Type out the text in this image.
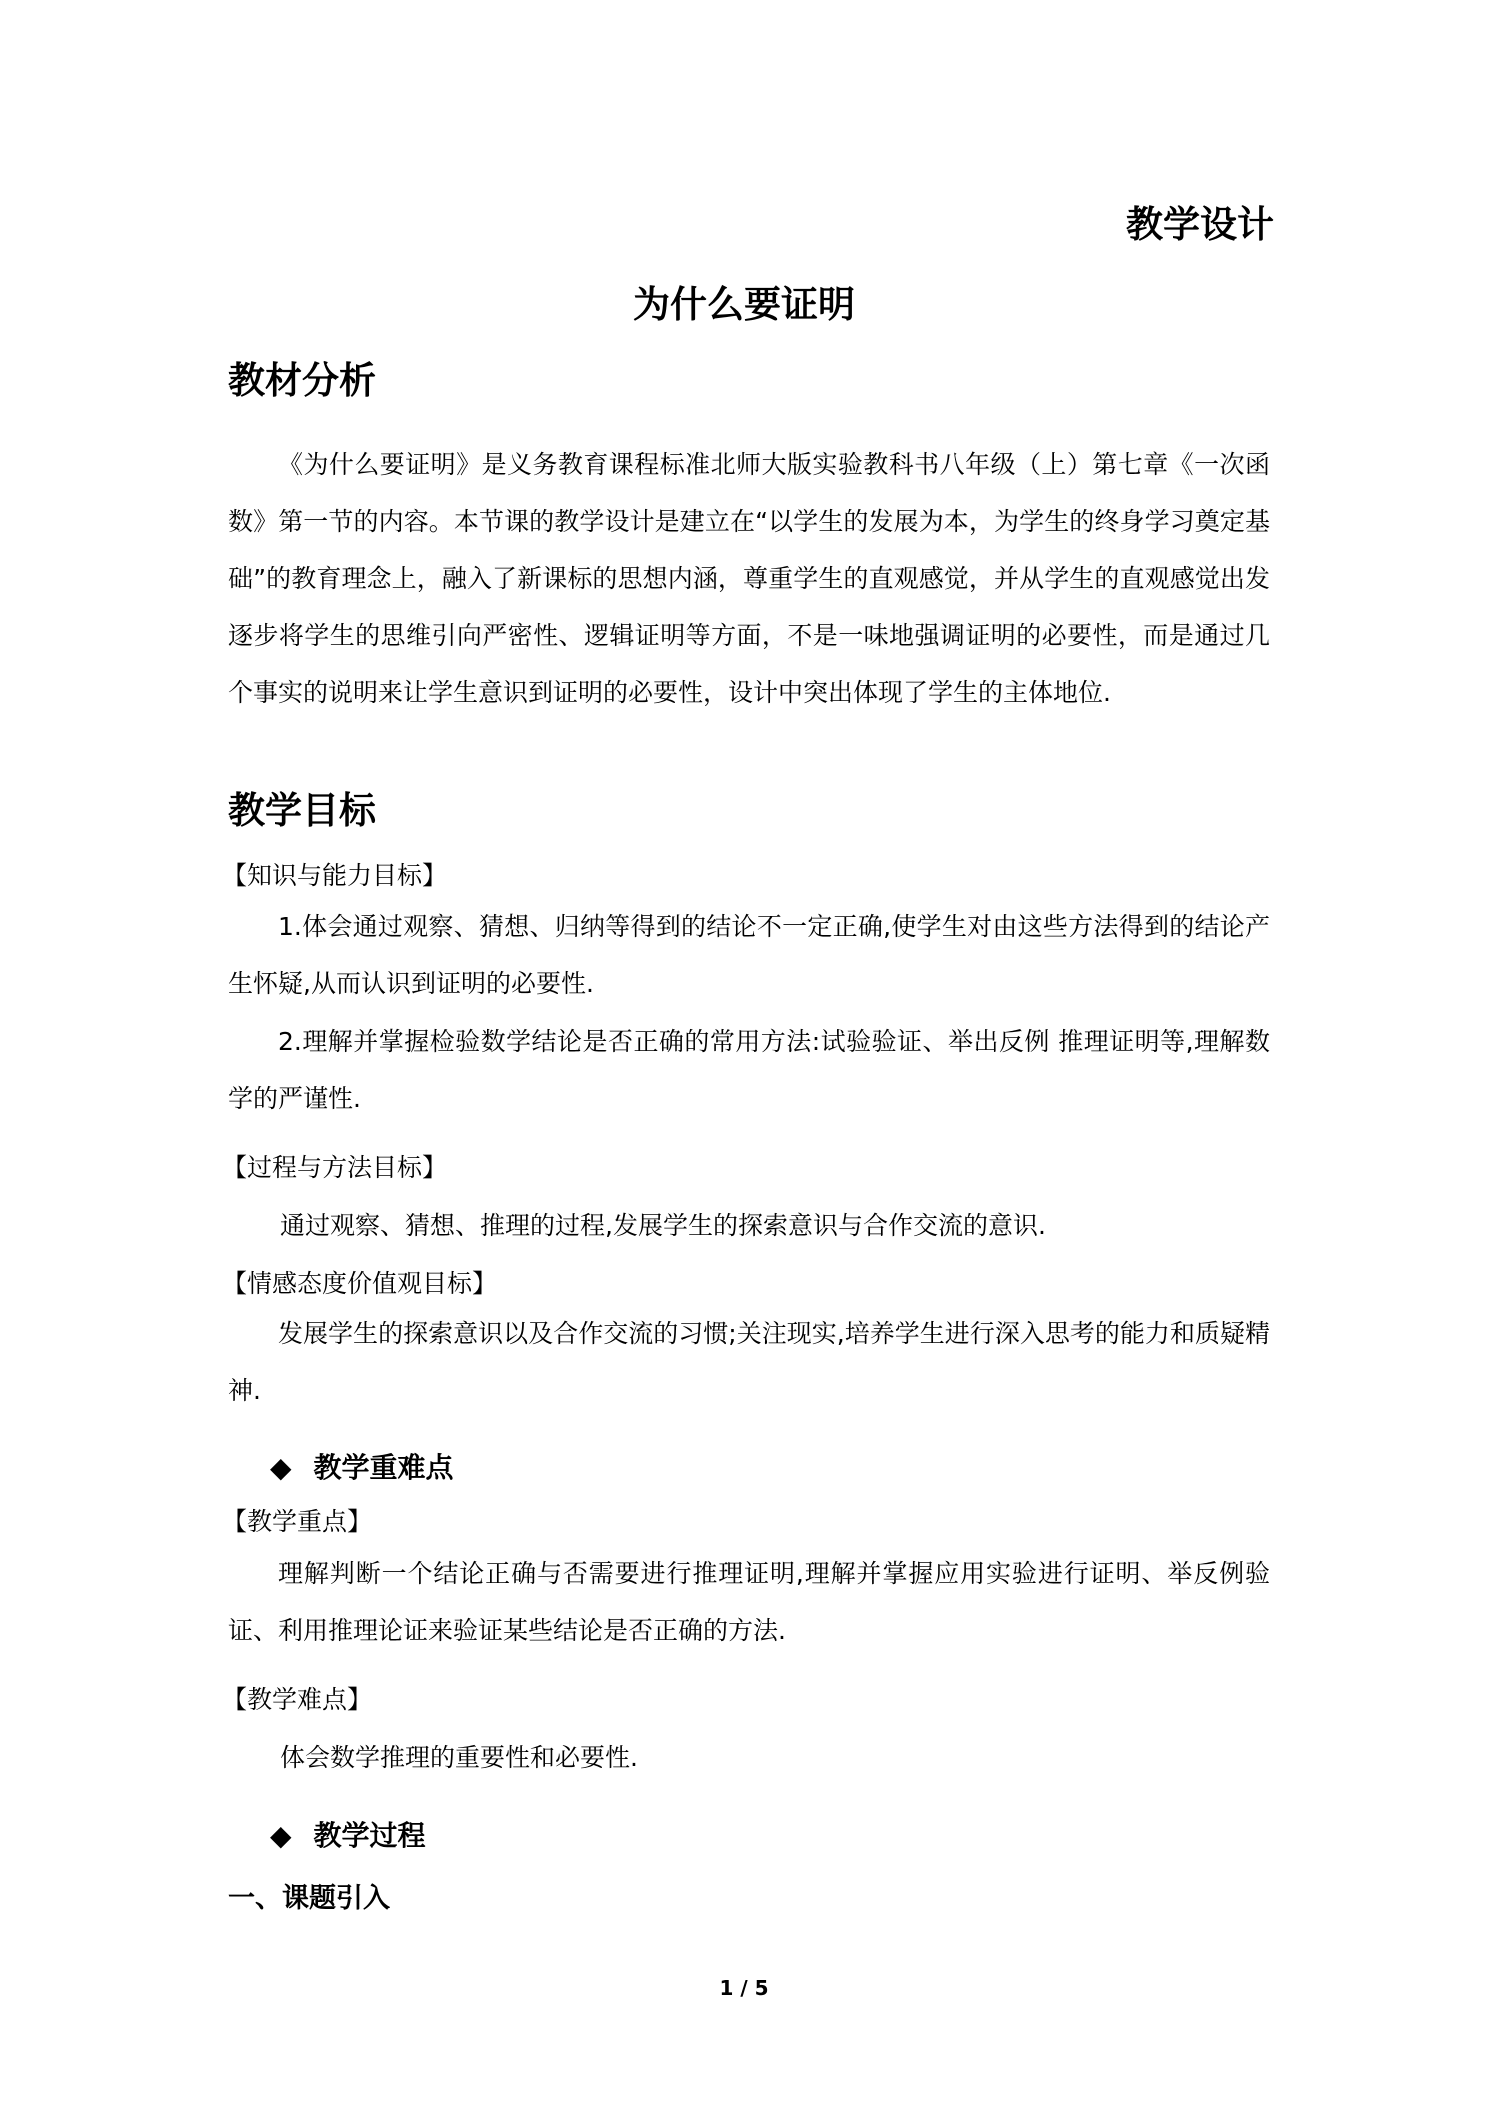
教学设计
为什么要证明
教材分析
《为什么要证明》是义务教育课程标准北师大版实验教科书八年级（上）第七章《一次函数》第一节的内容。本节课的教学设计是建立在“以学生的发展为本，为学生的终身学习奠定基础”的教育理念上，融入了新课标的思想内涵，尊重学生的直观感觉，并从学生的直观感觉出发逐步将学生的思维引向严密性、逻辑证明等方面，不是一味地强调证明的必要性，而是通过几个事实的说明来让学生意识到证明的必要性，设计中突出体现了学生的主体地位.
教学目标
【知识与能力目标】
1.体会通过观察、猜想、归纳等得到的结论不一定正确,使学生对由这些方法得到的结论产生怀疑,从而认识到证明的必要性.
2.理解并掌握检验数学结论是否正确的常用方法:试验验证、举出反例 推理证明等,理解数学的严谨性.
【过程与方法目标】
通过观察、猜想、推理的过程,发展学生的探索意识与合作交流的意识.
【情感态度价值观目标】
发展学生的探索意识以及合作交流的习惯;关注现实,培养学生进行深入思考的能力和质疑精神.
◆ 教学重难点
【教学重点】
理解判断一个结论正确与否需要进行推理证明,理解并掌握应用实验进行证明、举反例验证、利用推理论证来验证某些结论是否正确的方法.
【教学难点】
体会数学推理的重要性和必要性.
◆ 教学过程
一、课题引入
1 / 5
